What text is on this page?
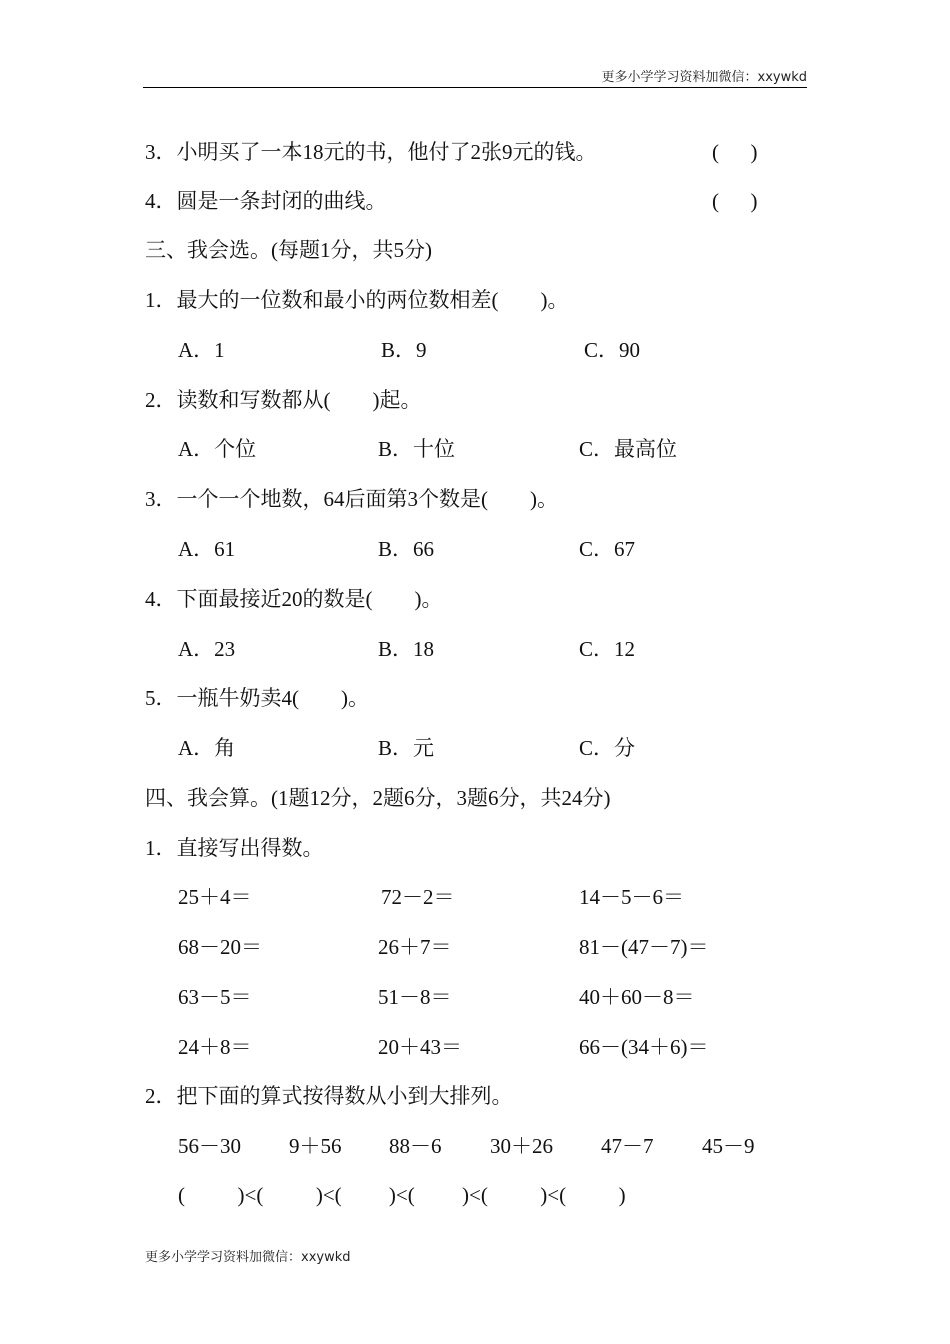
更多小学学习资料加微信：xxywkd
3．小明买了一本18元的书，他付了2张9元的钱。	(      )
4．圆是一条封闭的曲线。	(      )
三、我会选。(每题1分，共5分)
1．最大的一位数和最小的两位数相差(        )。
A．1	B．9	C．90
2．读数和写数都从(        )起。
A．个位	B．十位	C．最高位
3．一个一个地数，64后面第3个数是(        )。
A．61	B．66	C．67
4．下面最接近20的数是(        )。
A．23	B．18	C．12
5．一瓶牛奶卖4(        )。
A．角	B．元	C．分
四、我会算。(1题12分，2题6分，3题6分，共24分)
1．直接写出得数。
25＋4＝	72－2＝	14－5－6＝
68－20＝	26＋7＝	81－(47－7)＝
63－5＝	51－8＝	40＋60－8＝
24＋8＝	20＋43＝	66－(34＋6)＝
2．把下面的算式按得数从小到大排列。
56－30 9＋56 88－6 30＋26 47－7 45－9
(          )<(          )<(         )<(         )<(          )<(          )
更多小学学习资料加微信：xxywkd
